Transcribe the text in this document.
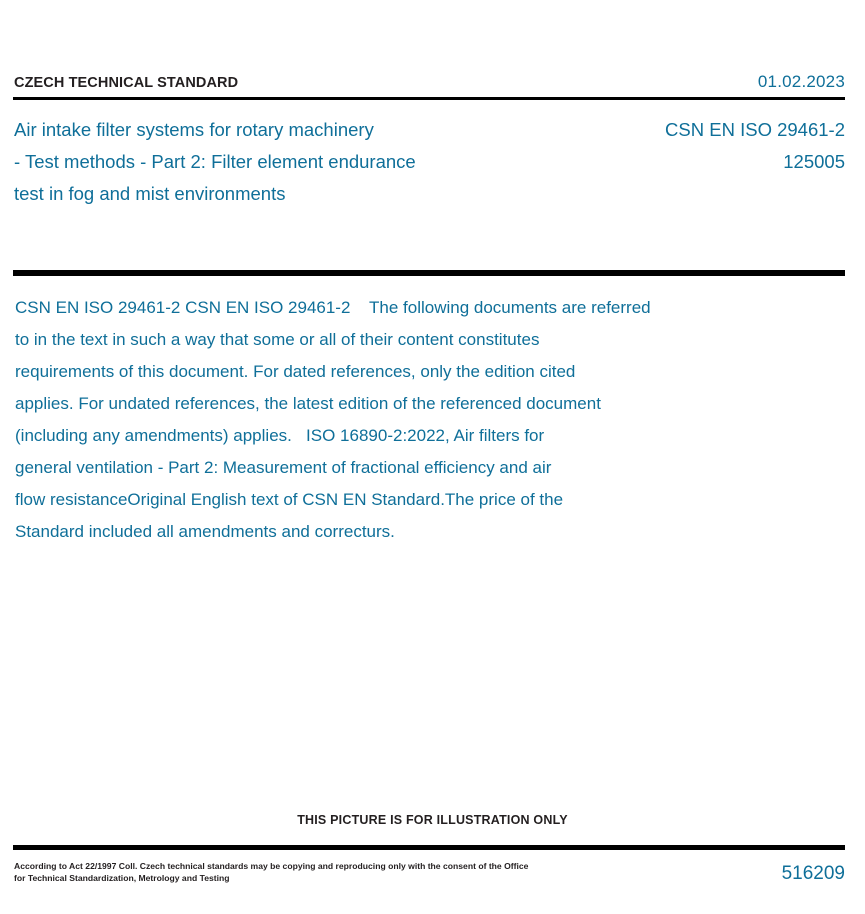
CZECH TECHNICAL STANDARD	01.02.2023
Air intake filter systems for rotary machinery
- Test methods - Part 2: Filter element endurance
test in fog and mist environments
CSN EN ISO 29461-2
125005
CSN EN ISO 29461-2 CSN EN ISO 29461-2    The following documents are referred
to in the text in such a way that some or all of their content constitutes
requirements of this document. For dated references, only the edition cited
applies. For undated references, the latest edition of the referenced document
(including any amendments) applies.   ISO 16890-2:2022, Air filters for
general ventilation - Part 2: Measurement of fractional efficiency and air
flow resistanceOriginal English text of CSN EN Standard.The price of the
Standard included all amendments and correcturs.
THIS PICTURE IS FOR ILLUSTRATION ONLY
According to Act 22/1997 Coll. Czech technical standards may be copying and reproducing only with the consent of the Office
for Technical Standardization, Metrology and Testing	516209
